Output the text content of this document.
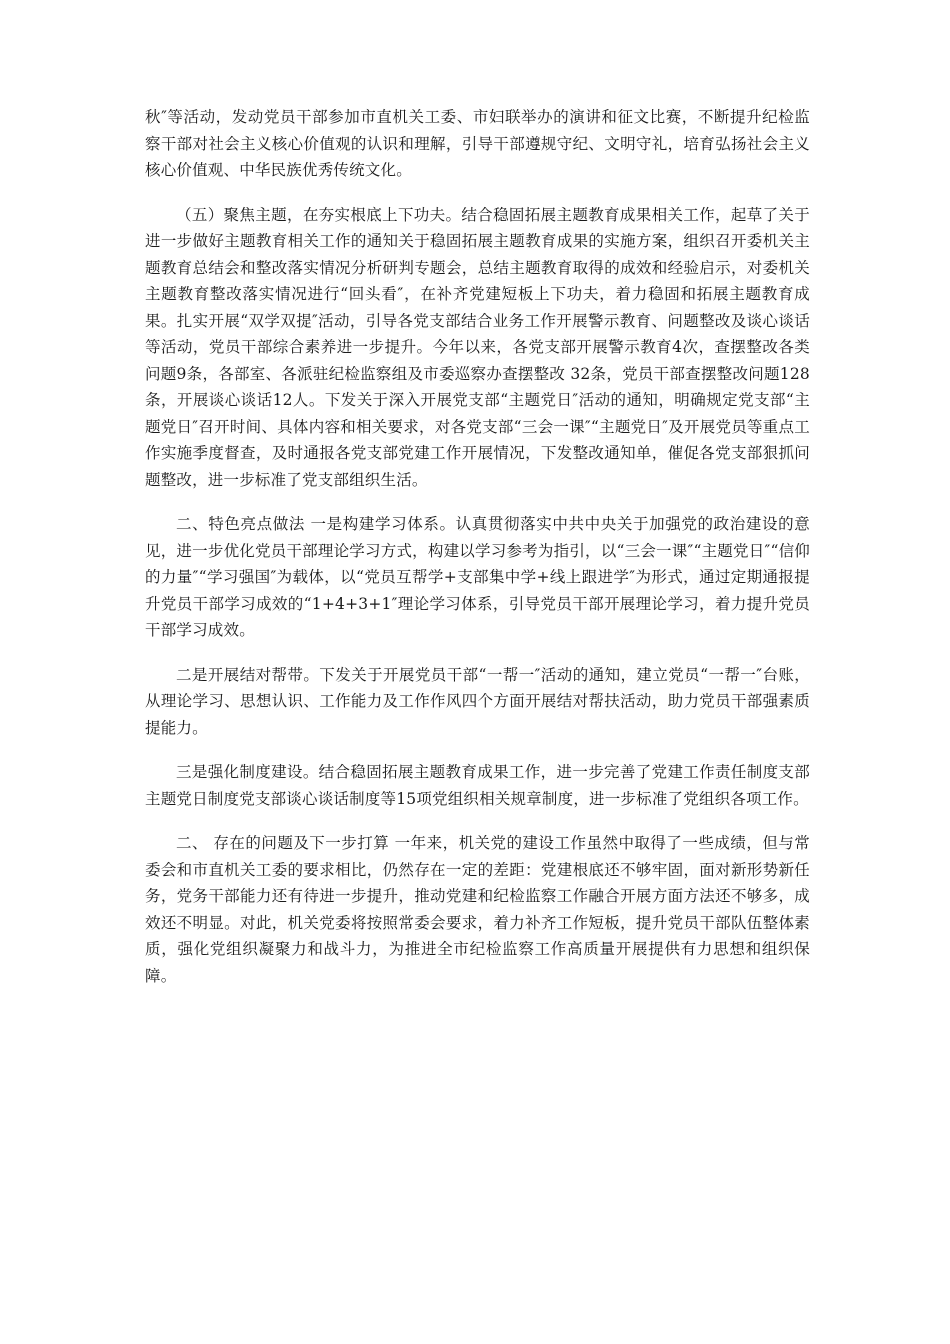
秋″等活动，发动党员干部参加市直机关工委、市妇联举办的演讲和征文比赛，不断提升纪检监察干部对社会主义核心价值观的认识和理解，引导干部遵规守纪、文明守礼，培育弘扬社会主义核心价值观、中华民族优秀传统文化。

（五）聚焦主题，在夯实根底上下功夫。结合稳固拓展主题教育成果相关工作，起草了关于进一步做好主题教育相关工作的通知关于稳固拓展主题教育成果的实施方案，组织召开委机关主题教育总结会和整改落实情况分析研判专题会，总结主题教育取得的成效和经验启示，对委机关主题教育整改落实情况进行“回头看″，在补齐党建短板上下功夫，着力稳固和拓展主题教育成果。扎实开展“双学双提″活动，引导各党支部结合业务工作开展警示教育、问题整改及谈心谈话等活动，党员干部综合素养进一步提升。今年以来，各党支部开展警示教育4次，查摆整改各类问题9条，各部室、各派驻纪检监察组及市委巡察办查摆整改 32条，党员干部查摆整改问题128条，开展谈心谈话12人。下发关于深入开展党支部“主题党日″活动的通知，明确规定党支部“主题党日″召开时间、具体内容和相关要求，对各党支部“三会一课″“主题党日″及开展党员等重点工作实施季度督查，及时通报各党支部党建工作开展情况，下发整改通知单，催促各党支部狠抓问题整改，进一步标准了党支部组织生活。

二、特色亮点做法 一是构建学习体系。认真贯彻落实中共中央关于加强党的政治建设的意见，进一步优化党员干部理论学习方式，构建以学习参考为指引，以“三会一课″“主题党日″“信仰的力量″“学习强国″为载体，以“党员互帮学+支部集中学+线上跟进学″为形式，通过定期通报提升党员干部学习成效的“1+4+3+1″理论学习体系，引导党员干部开展理论学习，着力提升党员干部学习成效。

二是开展结对帮带。下发关于开展党员干部“一帮一″活动的通知，建立党员“一帮一″台账，从理论学习、思想认识、工作能力及工作作风四个方面开展结对帮扶活动，助力党员干部强素质提能力。

三是强化制度建设。结合稳固拓展主题教育成果工作，进一步完善了党建工作责任制度支部主题党日制度党支部谈心谈话制度等15项党组织相关规章制度，进一步标准了党组织各项工作。

二、 存在的问题及下一步打算 一年来，机关党的建设工作虽然中取得了一些成绩，但与常委会和市直机关工委的要求相比，仍然存在一定的差距：党建根底还不够牢固，面对新形势新任务，党务干部能力还有待进一步提升，推动党建和纪检监察工作融合开展方面方法还不够多，成效还不明显。对此，机关党委将按照常委会要求，着力补齐工作短板，提升党员干部队伍整体素质，强化党组织凝聚力和战斗力，为推进全市纪检监察工作高质量开展提供有力思想和组织保障。
